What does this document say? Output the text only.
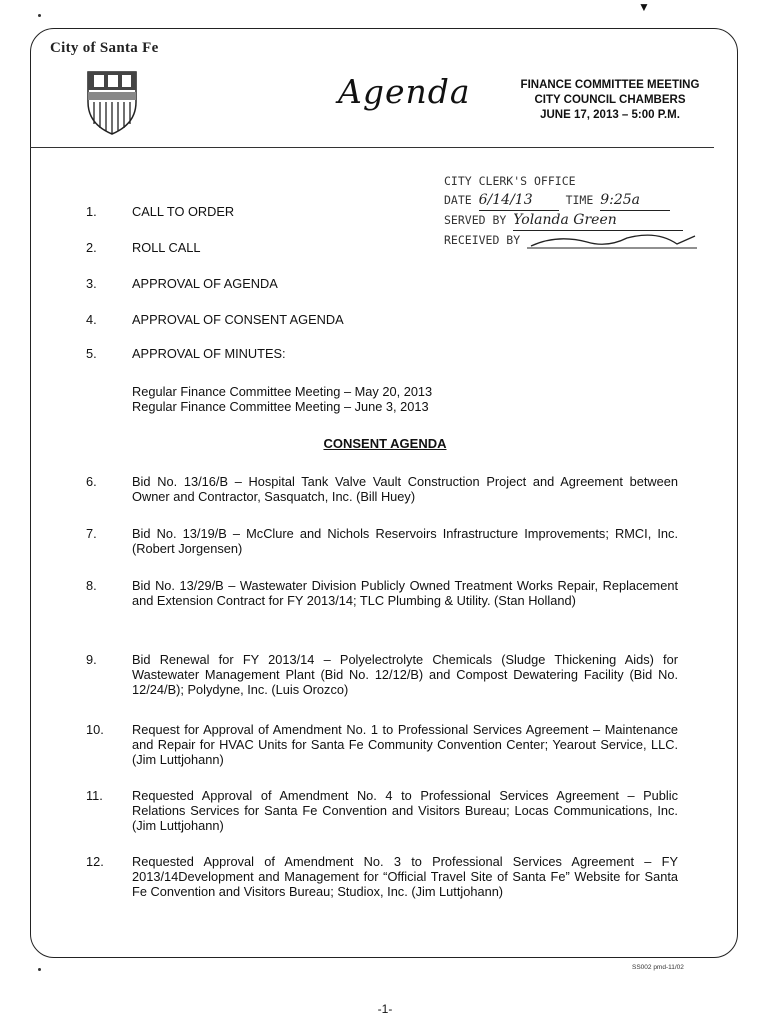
▼
City of Santa Fe
Agenda	FINANCE COMMITTEE MEETING
CITY COUNCIL CHAMBERS
JUNE 17, 2013 – 5:00 P.M.
CITY CLERK'S OFFICE
DATE 6/14/13	TIME 9:25a
SERVED BY Yolanda Green
RECEIVED BY
1.	CALL TO ORDER
2.	ROLL CALL
3.	APPROVAL OF AGENDA
4.	APPROVAL OF CONSENT AGENDA
5.	APPROVAL OF MINUTES:
Regular Finance Committee Meeting – May 20, 2013
Regular Finance Committee Meeting – June 3, 2013
CONSENT AGENDA
6.	Bid No. 13/16/B – Hospital Tank Valve Vault Construction Project and Agreement between Owner and Contractor, Sasquatch, Inc. (Bill Huey)
7.	Bid No. 13/19/B – McClure and Nichols Reservoirs Infrastructure Improvements; RMCI, Inc. (Robert Jorgensen)
8.	Bid No. 13/29/B – Wastewater Division Publicly Owned Treatment Works Repair, Replacement and Extension Contract for FY 2013/14; TLC Plumbing & Utility. (Stan Holland)
9.	Bid Renewal for FY 2013/14 – Polyelectrolyte Chemicals (Sludge Thickening Aids) for Wastewater Management Plant (Bid No. 12/12/B) and Compost Dewatering Facility (Bid No. 12/24/B); Polydyne, Inc. (Luis Orozco)
10.	Request for Approval of Amendment No. 1 to Professional Services Agreement – Maintenance and Repair for HVAC Units for Santa Fe Community Convention Center; Yearout Service, LLC. (Jim Luttjohann)
11.	Requested Approval of Amendment No. 4 to Professional Services Agreement – Public Relations Services for Santa Fe Convention and Visitors Bureau; Locas Communications, Inc. (Jim Luttjohann)
12.	Requested Approval of Amendment No. 3 to Professional Services Agreement – FY 2013/14Development and Management for “Official Travel Site of Santa Fe” Website for Santa Fe Convention and Visitors Bureau; Studiox, Inc. (Jim Luttjohann)
SS002 pmd-11/02
-1-
